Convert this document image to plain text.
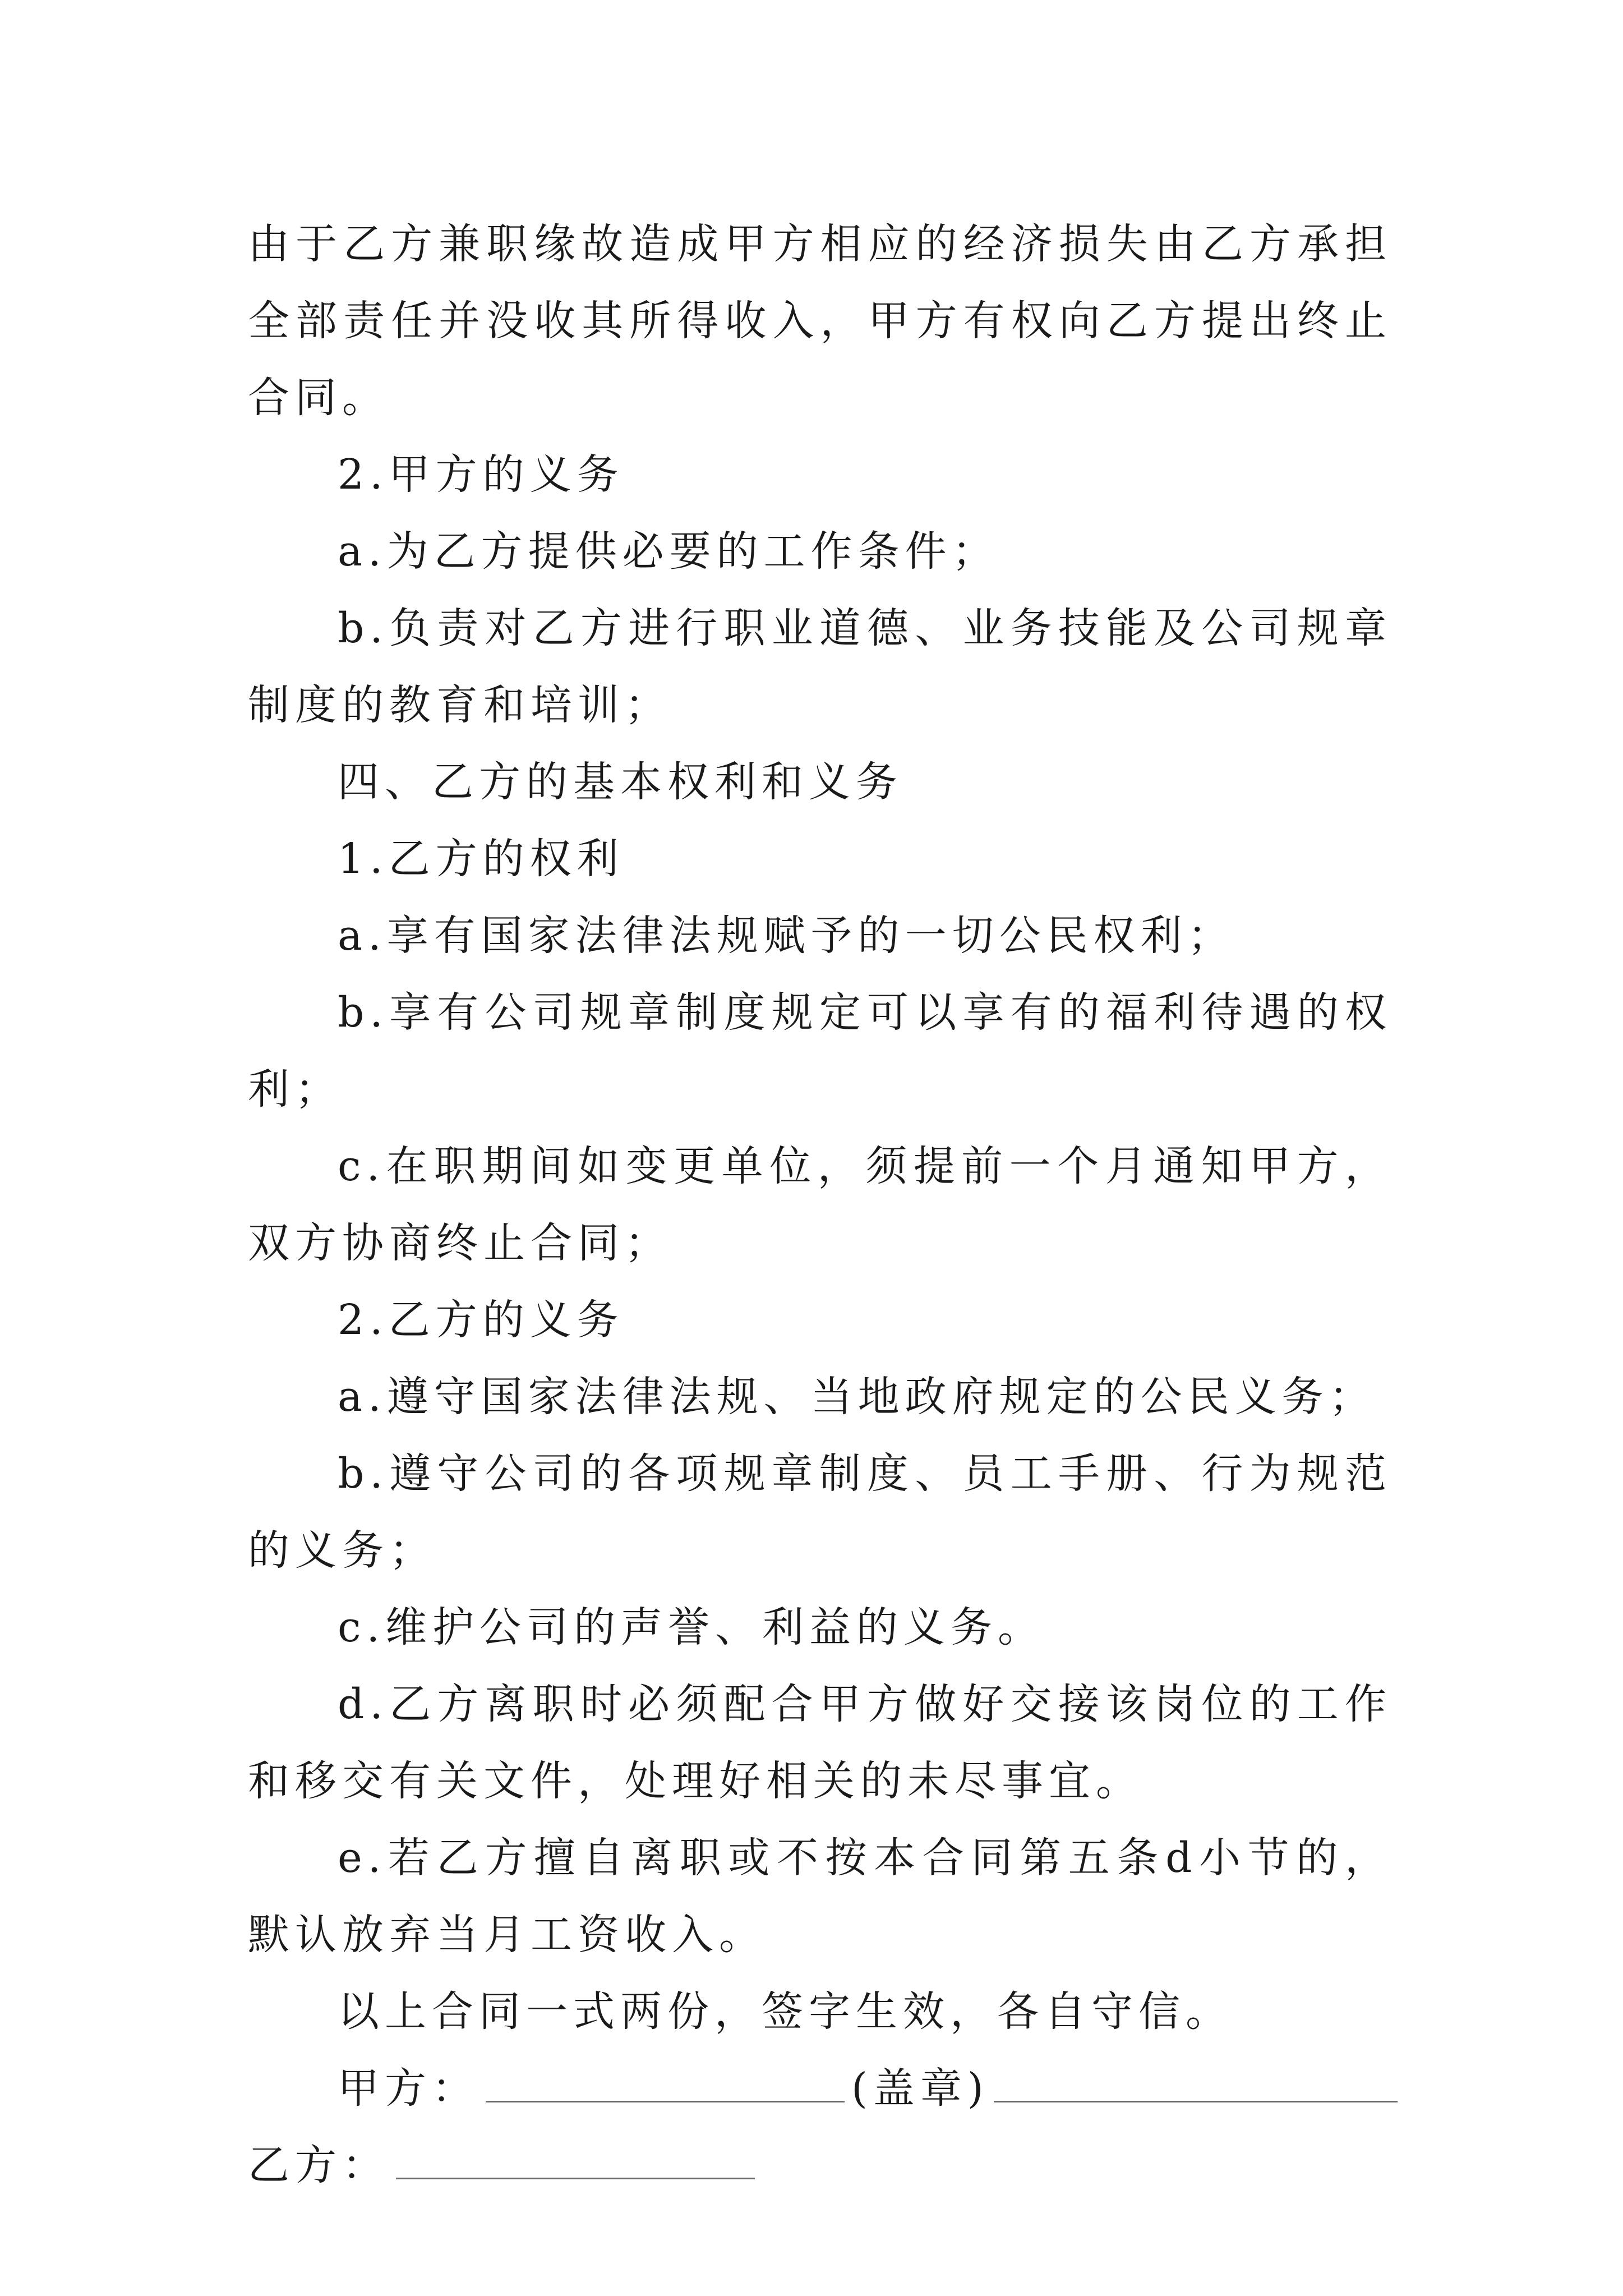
由于乙方兼职缘故造成甲方相应的经济损失由乙方承担全部责任并没收其所得收入，甲方有权向乙方提出终止合同。

2.甲方的义务

a.为乙方提供必要的工作条件；

b.负责对乙方进行职业道德、业务技能及公司规章制度的教育和培训；

四、乙方的基本权利和义务

1.乙方的权利

a.享有国家法律法规赋予的一切公民权利；

b.享有公司规章制度规定可以享有的福利待遇的权利；

c.在职期间如变更单位，须提前一个月通知甲方，双方协商终止合同；

2.乙方的义务

a.遵守国家法律法规、当地政府规定的公民义务；

b.遵守公司的各项规章制度、员工手册、行为规范的义务；

c.维护公司的声誉、利益的义务。

d.乙方离职时必须配合甲方做好交接该岗位的工作和移交有关文件，处理好相关的未尽事宜。

e.若乙方擅自离职或不按本合同第五条d小节的，默认放弃当月工资收入。

以上合同一式两份，签字生效，各自守信。

甲方：	(盖章)

乙方：
